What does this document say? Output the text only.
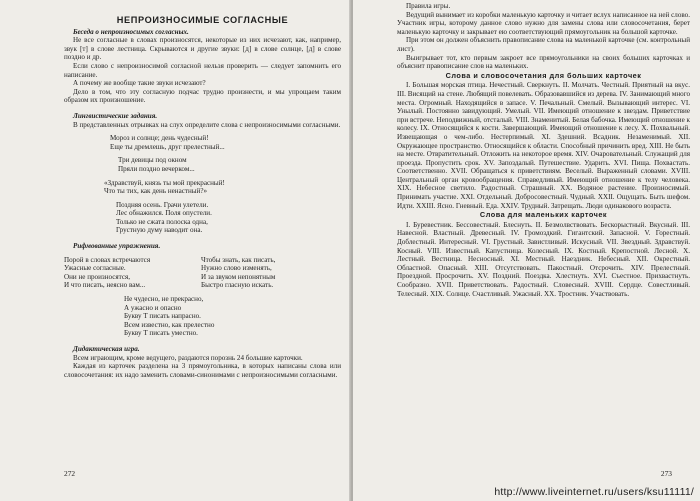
НЕПРОИЗНОСИМЫЕ СОГЛАСНЫЕ

Беседа о непроизносимых согласных.

Не все согласные в словах произносятся, некоторые из них исчезают, как, например, звук [т] в слове лестница. Скрываются и другие звуки: [д] в слове солнце, [д] в слове поздно и др.

Если слово с непроизносимой согласной нельзя проверить — следует запомнить его написание.

А почему же вообще такие звуки исчезают?

Дело в том, что эту согласную подчас трудно произнести, и мы упрощаем таким образом их произношение.

Лингвистические задания.

В представленных отрывках на слух определите слова с непроизносимыми согласными.

Мороз и солнце; день чудесный!
Еще ты дремлешь, друг прелестный...
Три девицы под окном
Пряли поздно вечерком...
«Здравствуй, князь ты мой прекрасный!
Что ты тих, как день ненастный?»
Поздняя осень. Грачи улетели.
Лес обнажился. Поля опустели.
Только не сжата полоска одна,
Грустную думу наводит она.

Рифмованные упражнения.

Порой в словах встречаются
Ужасные согласные.
Они не произносятся,
И что писать, неясно вам...
Чтобы знать, как писать,
Нужно слово изменять,
И за звуком непонятным
Быстро гласную искать.
Не чудесно, не прекрасно,
А ужасно и опасно
Букву Т писать напрасно.
Всем известно, как прелестно
Букву Т писать уместно.

Дидактическая игра.

Всем играющим, кроме ведущего, раздаются порознь 24 большие карточки.

Каждая из карточек разделена на 3 прямоугольника, в которых написаны слова или словосочетания: их надо заменить словами-синонимами с непроизносимыми согласными.

272

Правила игры.

Ведущий вынимает из коробки маленькую карточку и читает вслух написанное на ней слово. Участник игры, которому данное слово нужно для замены слова или словосочетания, берет маленькую карточку и закрывает ею соответствующий прямоугольник на большой карточке.

При этом он должен объяснить правописание слова на маленькой карточке (см. контрольный лист).

Выигрывает тот, кто первым закроет все прямоугольники на своих больших карточках и объяснит правописание слов на маленьких.

Слова и словосочетания для больших карточек

I. Большая морская птица. Нечестный. Сверкнуть. II. Молчать. Честный. Приятный на вкус. III. Висящий на стене. Любящий повелевать. Образовавшийся из дерева. IV. Занимающий много места. Огромный. Находящийся в запасе. V. Печальный. Смелый. Вызывающий интерес. VI. Унылый. Постоянно завидующий. Умелый. VII. Имеющий отношение к звездам. Приветствие при встрече. Неподвижный, отсталый. VIII. Знаменитый. Белая бабочка. Имеющий отношение к колесу. IX. Относящийся к кости. Завершающий. Имеющий отношение к лесу. X. Похвальный. Извещающая о чем-либо. Нестерпимый. XI. Здешний. Всадник. Незаменимый. XII. Окружающее пространство. Относящийся к области. Способный причинить вред. XIII. Не быть на месте. Отвратительный. Отложить на некоторое время. XIV. Очаровательный. Служащий для проезда. Пропустить срок. XV. Запоздалый. Путешествие. Ударить. XVI. Пища. Похвастать. Соответственно. XVII. Обращаться к приветствиям. Веселый. Выраженный словами. XVIII. Центральный орган кровообращения. Справедливый. Имеющий отношение к телу человека. XIX. Небесное светило. Радостный. Страшный. XX. Водяное растение. Произносимый. Принимать участие. XXI. Отдельный. Добросовестный. Чудный. XXII. Ощущать. Быть шефом. Идти. XXIII. Ясно. Гневный. Еда. XXIV. Трудный. Затрещать. Люди одинакового возраста.

Слова для маленьких карточек

I. Буревестник. Бессовестный. Блеснуть. II. Безмолвствовать. Бескорыстный. Вкусный. III. Навесной. Властный. Древесный. IV. Громоздкий. Гигантский. Запасной. V. Горестный. Доблестный. Интересный. VI. Грустный. Завистливый. Искусный. VII. Звездный. Здравствуй. Косный. VIII. Известный. Капустница. Колесный. IX. Костный. Крепостной. Лесной. X. Лестный. Вестница. Несносный. XI. Местный. Наездник. Небесный. XII. Окрестный. Областной. Опасный. XIII. Отсутствовать. Пакостный. Отсрочить. XIV. Прелестный. Проездной. Просрочить. XV. Поздний. Поездка. Хлестнуть. XVI. Съестное. Прихвастнуть. Сообразно. XVII. Приветствовать. Радостный. Словесный. XVIII. Сердце. Совестливый. Телесный. XIX. Солнце. Счастливый. Ужасный. XX. Тростник. Участвовать.

273
http://www.liveinternet.ru/users/ksu11111/
